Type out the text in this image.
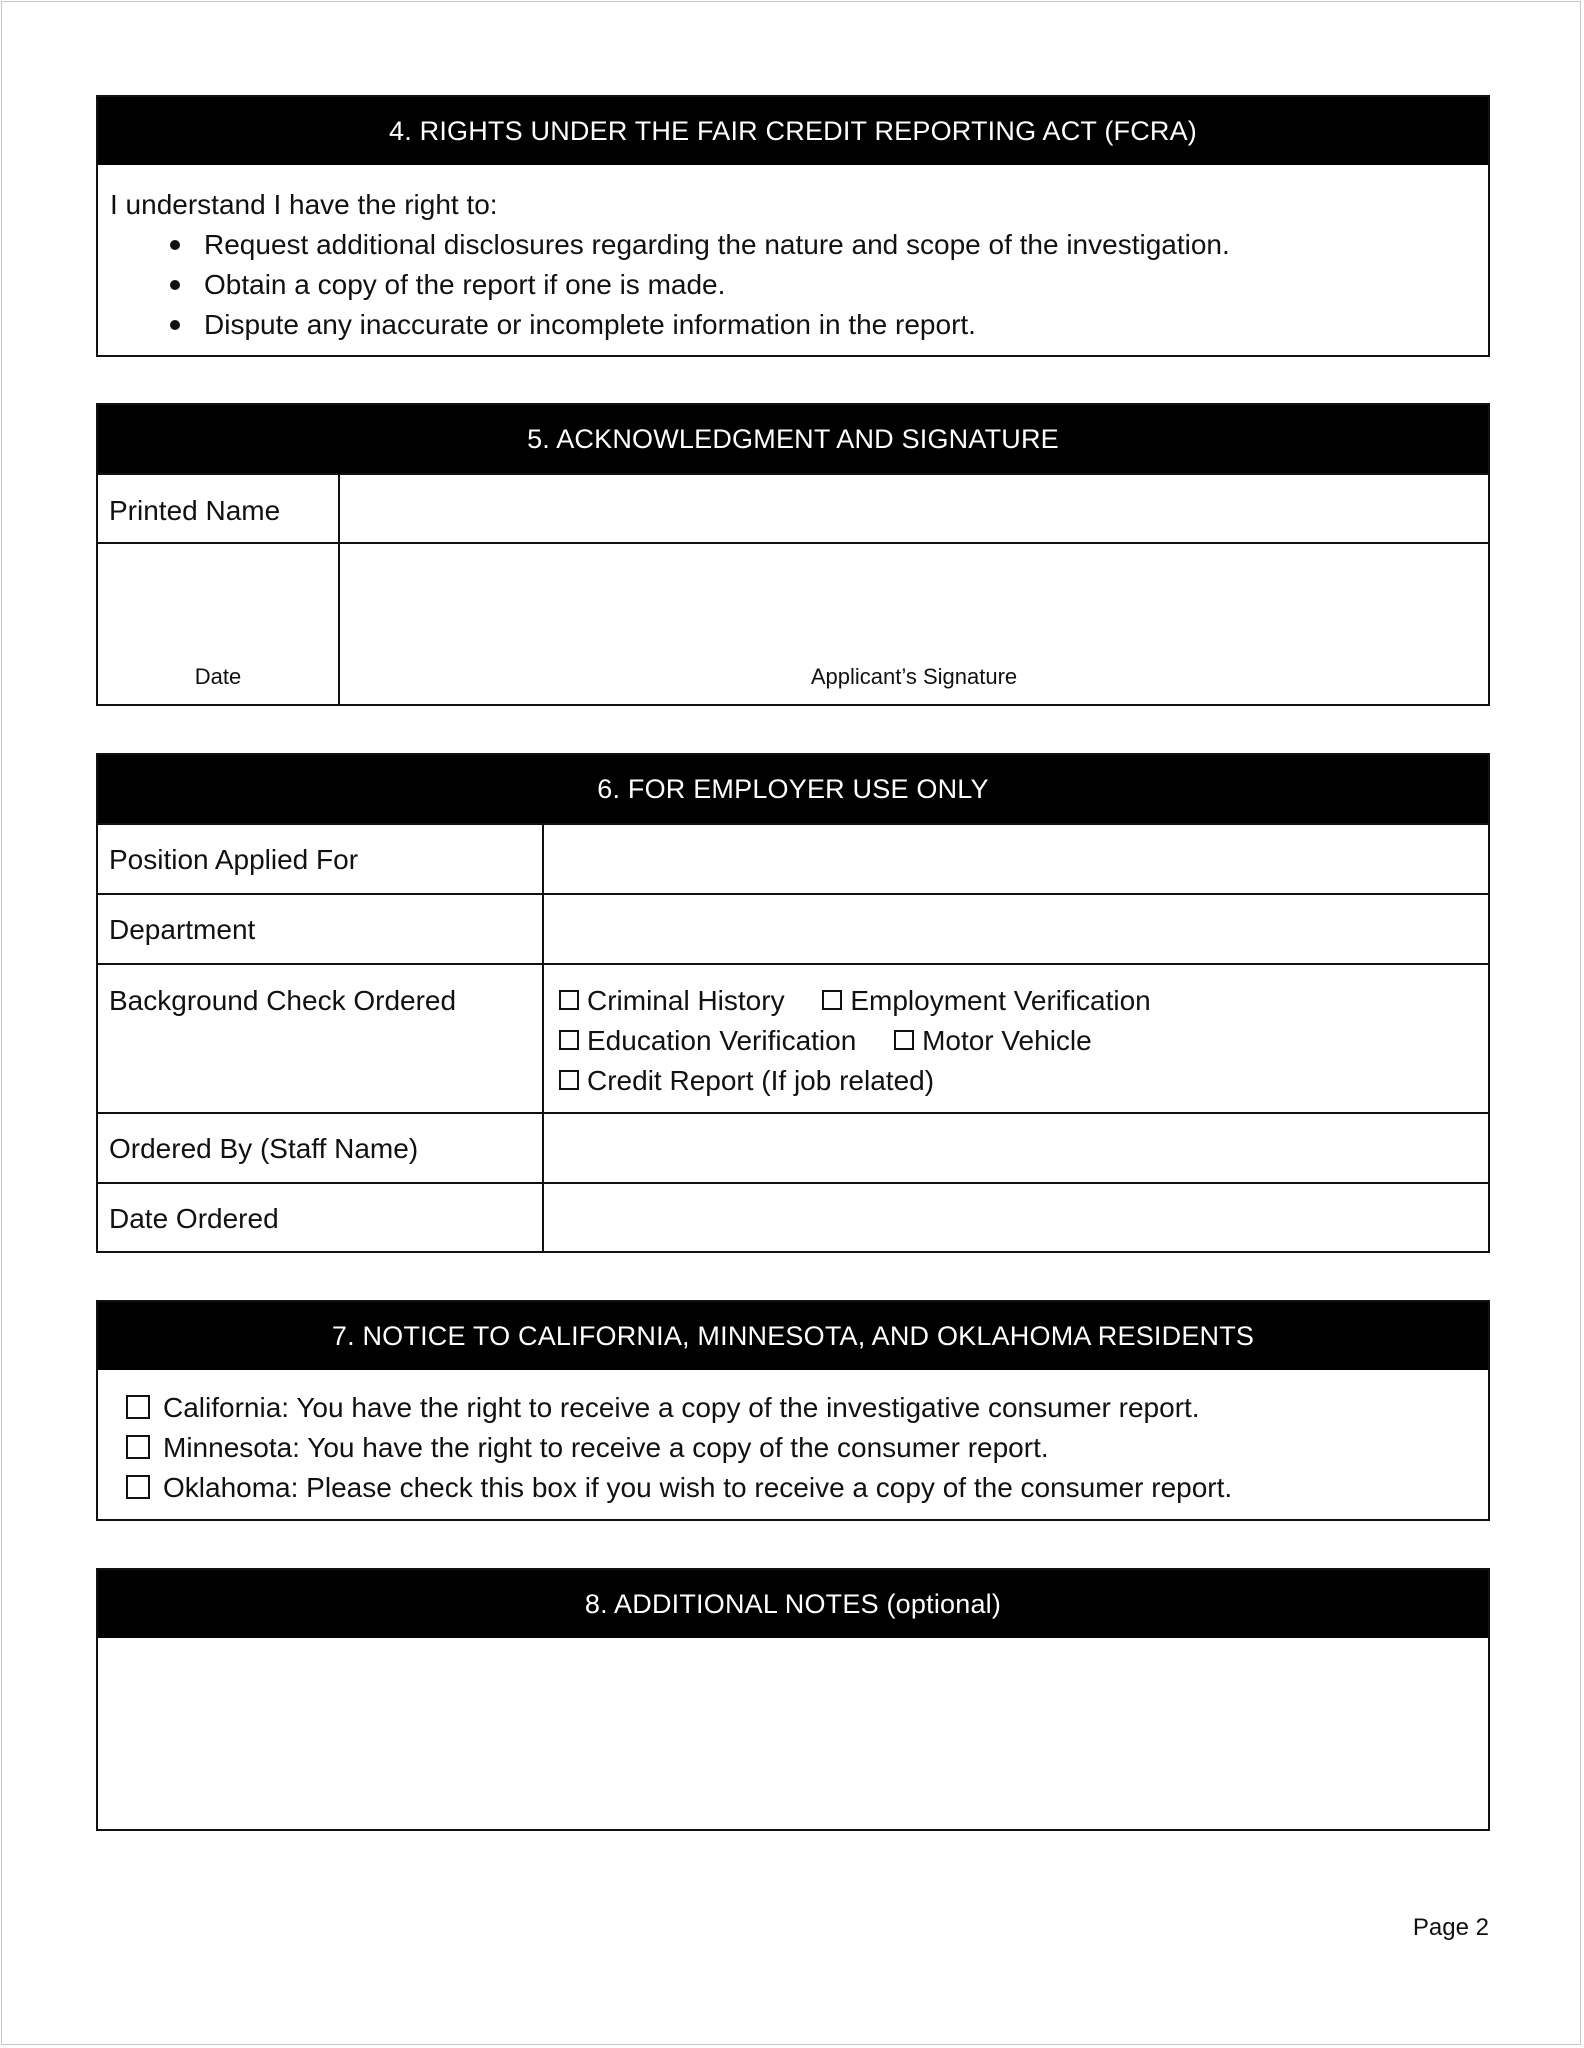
4. RIGHTS UNDER THE FAIR CREDIT REPORTING ACT (FCRA)
I understand I have the right to:
Request additional disclosures regarding the nature and scope of the investigation.
Obtain a copy of the report if one is made.
Dispute any inaccurate or incomplete information in the report.
5. ACKNOWLEDGMENT AND SIGNATURE
Printed Name
Date	Applicant’s Signature
6. FOR EMPLOYER USE ONLY
Position Applied For
Department
Background Check Ordered	Criminal History Employment Verification
Education Verification Motor Vehicle
Credit Report (If job related)
Ordered By (Staff Name)
Date Ordered
7. NOTICE TO CALIFORNIA, MINNESOTA, AND OKLAHOMA RESIDENTS
California: You have the right to receive a copy of the investigative consumer report.
Minnesota: You have the right to receive a copy of the consumer report.
Oklahoma: Please check this box if you wish to receive a copy of the consumer report.
8. ADDITIONAL NOTES (optional)
Page 2
